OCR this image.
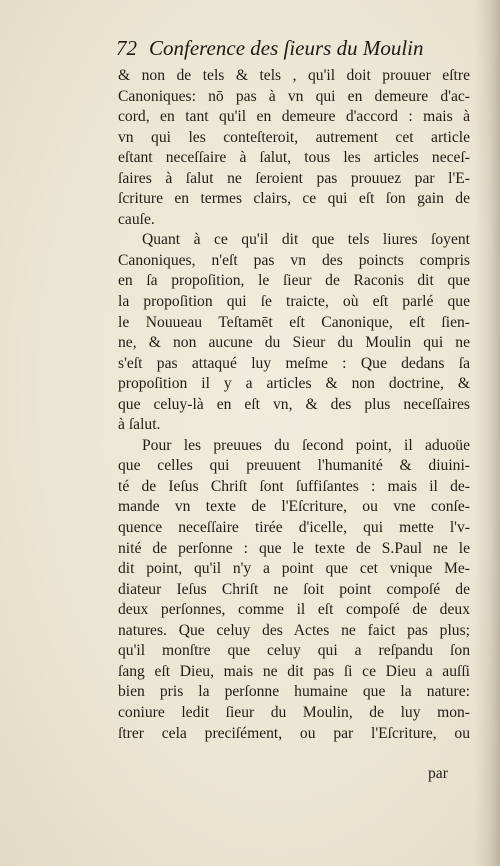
72 Conference des ſieurs du Moulin
& non de tels & tels , qu'il doit prouuer eſtre
Canoniques: nō pas à vn qui en demeure d'ac-
cord, en tant qu'il en demeure d'accord : mais à
vn qui les conteſteroit, autrement cet article
eſtant neceſſaire à ſalut, tous les articles neceſ-
ſaires à ſalut ne ſeroient pas prouuez par l'E-
ſcriture en termes clairs, ce qui eſt ſon gain de
cauſe.
Quant à ce qu'il dit que tels liures ſoyent
Canoniques, n'eſt pas vn des poincts compris
en ſa propoſition, le ſieur de Raconis dit que
la propoſition qui ſe traicte, où eſt parlé que
le Nouueau Teſtamēt eſt Canonique, eſt ſien-
ne, & non aucune du Sieur du Moulin qui ne
s'eſt pas attaqué luy meſme : Que dedans ſa
propoſition il y a articles & non doctrine, &
que celuy-là en eſt vn, & des plus neceſſaires
à ſalut.
Pour les preuues du ſecond point, il aduoüe
que celles qui preuuent l'humanité & diuini-
té de Ieſus Chriſt ſont ſuffiſantes : mais il de-
mande vn texte de l'Eſcriture, ou vne conſe-
quence neceſſaire tirée d'icelle, qui mette l'v-
nité de perſonne : que le texte de S.Paul ne le
dit point, qu'il n'y a point que cet vnique Me-
diateur Ieſus Chriſt ne ſoit point compoſé de
deux perſonnes, comme il eſt compoſé de deux
natures. Que celuy des Actes ne faict pas plus;
qu'il monſtre que celuy qui a reſpandu ſon
ſang eſt Dieu, mais ne dit pas ſi ce Dieu a auſſi
bien pris la perſonne humaine que la nature:
coniure ledit ſieur du Moulin, de luy mon-
ſtrer cela preciſément, ou par l'Eſcriture, ou
par
